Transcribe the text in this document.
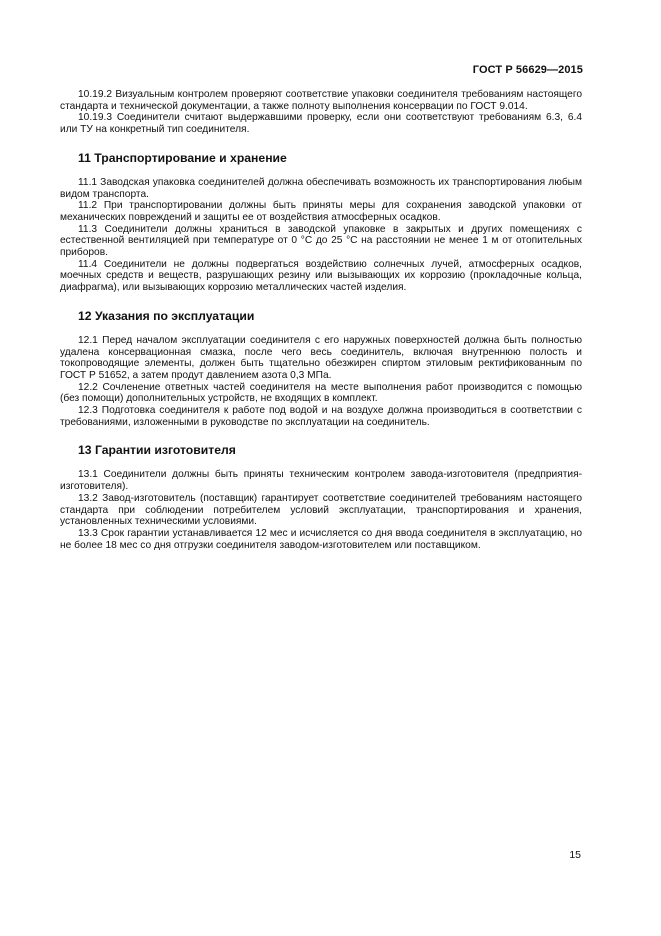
ГОСТ Р 56629—2015

10.19.2 Визуальным контролем проверяют соответствие упаковки соединителя требованиям настоящего стандарта и технической документации, а также полноту выполнения консервации по ГОСТ 9.014.

10.19.3 Соединители считают выдержавшими проверку, если они соответствуют требованиям 6.3, 6.4 или ТУ на конкретный тип соединителя.

11 Транспортирование и хранение

11.1 Заводская упаковка соединителей должна обеспечивать возможность их транспортирования любым видом транспорта.

11.2 При транспортировании должны быть приняты меры для сохранения заводской упаковки от механических повреждений и защиты ее от воздействия атмосферных осадков.

11.3 Соединители должны храниться в заводской упаковке в закрытых и других помещениях с естественной вентиляцией при температуре от 0 °С до 25 °С на расстоянии не менее 1 м от отопительных приборов.

11.4 Соединители не должны подвергаться воздействию солнечных лучей, атмосферных осадков, моечных средств и веществ, разрушающих резину или вызывающих их коррозию (прокладочные кольца, диафрагма), или вызывающих коррозию металлических частей изделия.

12 Указания по эксплуатации

12.1 Перед началом эксплуатации соединителя с его наружных поверхностей должна быть полностью удалена консервационная смазка, после чего весь соединитель, включая внутреннюю полость и токопроводящие элементы, должен быть тщательно обезжирен спиртом этиловым ректификованным по ГОСТ Р 51652, а затем продут давлением азота 0,3 МПа.

12.2 Сочленение ответных частей соединителя на месте выполнения работ производится с помощью (без помощи) дополнительных устройств, не входящих в комплект.

12.3 Подготовка соединителя к работе под водой и на воздухе должна производиться в соответствии с требованиями, изложенными в руководстве по эксплуатации на соединитель.

13 Гарантии изготовителя

13.1 Соединители должны быть приняты техническим контролем завода-изготовителя (предприятия-изготовителя).

13.2 Завод-изготовитель (поставщик) гарантирует соответствие соединителей требованиям настоящего стандарта при соблюдении потребителем условий эксплуатации, транспортирования и хранения, установленных техническими условиями.

13.3 Срок гарантии устанавливается 12 мес и исчисляется со дня ввода соединителя в эксплуатацию, но не более 18 мес со дня отгрузки соединителя заводом-изготовителем или поставщиком.

15
